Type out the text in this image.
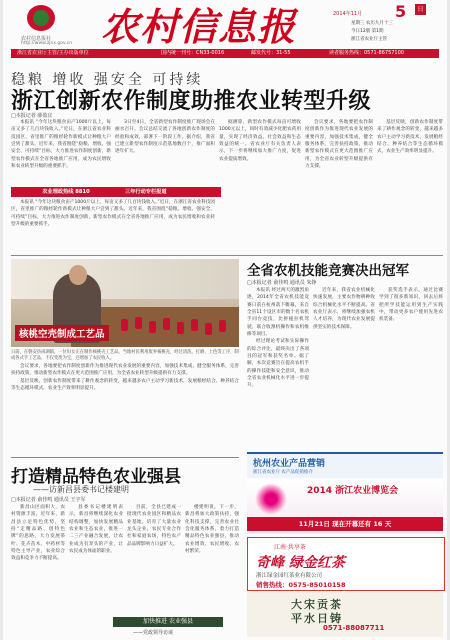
农村信息报社
http://www.zjnx.gov.cn 农村信息报	2014年11月 5	日
星期三 农历九月十三
今日12版 第1期
浙江省农业厅主管
浙江省农业厅主管/主办出版单位	国内统一刊号：CN33-0016	邮发代号：31-55	读者服务热线：0571-86757100
稳粮 增收 强安全 可持续
浙江创新农作制度助推农业转型升级
□本报记者 薛盈宜

本报讯 “今年这块粮食亩产1000斤以上，每亩又多了几百块钱收入。”近日，在浙江省农业科技园区，省里推广的粮经轮作新模式让种粮大户尝到了甜头。近年来，我省围绕“稳粮、增收、强安全、可持续”目标，大力推进农作制度创新，新型农作模式在全省各地推广应用，成为农民增收和农业转型升级的重要抓手。

3日至4日，全省新型农作制度推广现场会在丽水召开。会议总结交流了各地创新农作制度的经验和成效，部署下一阶段工作。据介绍，我省已建立新型农作制度示范基地数百个，推广面积逐年扩大。

据测算，新型农作模式每亩可增收1000元以上，同时有效减少化肥农药用量，实现了经济效益、社会效益和生态效益的统一。省农业厅有关负责人表示，下一步将继续加大推广力度，促进农业提质增效。

会议要求，各地要把农作制度创新作为推进现代农业发展的重要内容，加强技术集成，健全服务体系，完善扶持政策，推动新型农作模式在更大范围推广应用，为全省农业转型升级提供有力支撑。

基层反映，创新农作制度带来了耕作观念的转变，越来越多农户主动学习新技术，发展粮经结合、种养结合等生态循环模式，农业生产效率明显提升。

农业理政热线 8810	三年行动专栏报道

本报讯 “今年这块粮食亩产1000斤以上，每亩又多了几百块钱收入。”近日，在浙江省农业科技园区，省里推广的粮经轮作新模式让种粮大户尝到了甜头。近年来，我省围绕“稳粮、增收、强安全、可持续”目标，大力推进农作制度创新，新型农作模式在全省各地推广应用，成为农民增收和农业转型升级的重要抓手。

核桃空壳制成工艺品
日前，在磐安县尚湖镇，一位妇女正在制作核桃壳工艺品。当地村民利用废弃核桃壳，经过清洗、打磨、上色等工序，制成各式手工艺品，不仅变废为宝，还增加了农民收入。

会议要求，各地要把农作制度创新作为推进现代农业发展的重要内容，加强技术集成，健全服务体系，完善扶持政策，推动新型农作模式在更大范围推广应用，为全省农业转型升级提供有力支撑。

基层反映，创新农作制度带来了耕作观念的转变，越来越多农户主动学习新技术，发展粮经结合、种养结合等生态循环模式，农业生产效率明显提升。

全省农机技能竞赛决出冠军
□本报记者 俞佳鸣 通讯员 朱铮

本报讯 经过两天的激烈角逐，2014年全省农机技能竞赛日前在杭州落下帷幕，来自全省11个设区市的数十名农机手同台竞技，比拼拖拉机驾驶、联合收割机操作和农机维修等项目。

经过理论考试和实际操作的综合评比，最终决出了各项目的冠军和获奖名单。据了解，本次竞赛旨在提高农机手的操作技能和安全意识，推动全省农业机械化水平进一步提升。

近年来，我省农业机械化快速发展，主要农作物耕种收综合机械化水平不断提高。省农业厅表示，将继续加强农机人才培养，为现代农业发展提供坚实的技术保障。

获奖选手表示，通过比赛学到了很多新知识，回去后将把所学技能运用到生产实践中，带动更多农户使用先进农机装备。

打造精品特色农业强县
——访新昌县委书记楼建明
□本报记者 俞佳鸣 通讯员 王宇军

新昌山区面积大，农村资源丰富。近年来，新昌县立足特色优势，坚持“走精品路、创特色牌”的思路，大力发展茶叶、花卉苗木、中药材等特色主导产业，农业综合效益和竞争力不断提高。

县委书记楼建明表示，新昌将继续深化农业结构调整，加快发展精品农业和生态农业，推进一二三产业融合发展，让农业成为有奔头的产业，让农民成为体面的职业。

目前，全县已建成一批现代农业园区和精品农业基地，培育了大量农业龙头企业、农民专业合作社和家庭农场，特色农产品品牌影响力日益扩大。

楼建明说，下一步，新昌将加大政策扶持，强化科技支撑，完善农业社会化服务体系，着力打造精品特色农业强县，推动农业增效、农民增收、农村繁荣。

加快推进 农业强县
——党政领导访谈
杭州农业产品营销
浙江省农业厅 农产品促销推介
2014 浙江农业博览会
11月21日 现在开幕还有 16 天
江南·共享茶
奇峰 绿金红茶
浙江绿金园红茶业有限公司
销售热线：0575-85010158
大宋贡茶
平水日铸
0571-88087711
